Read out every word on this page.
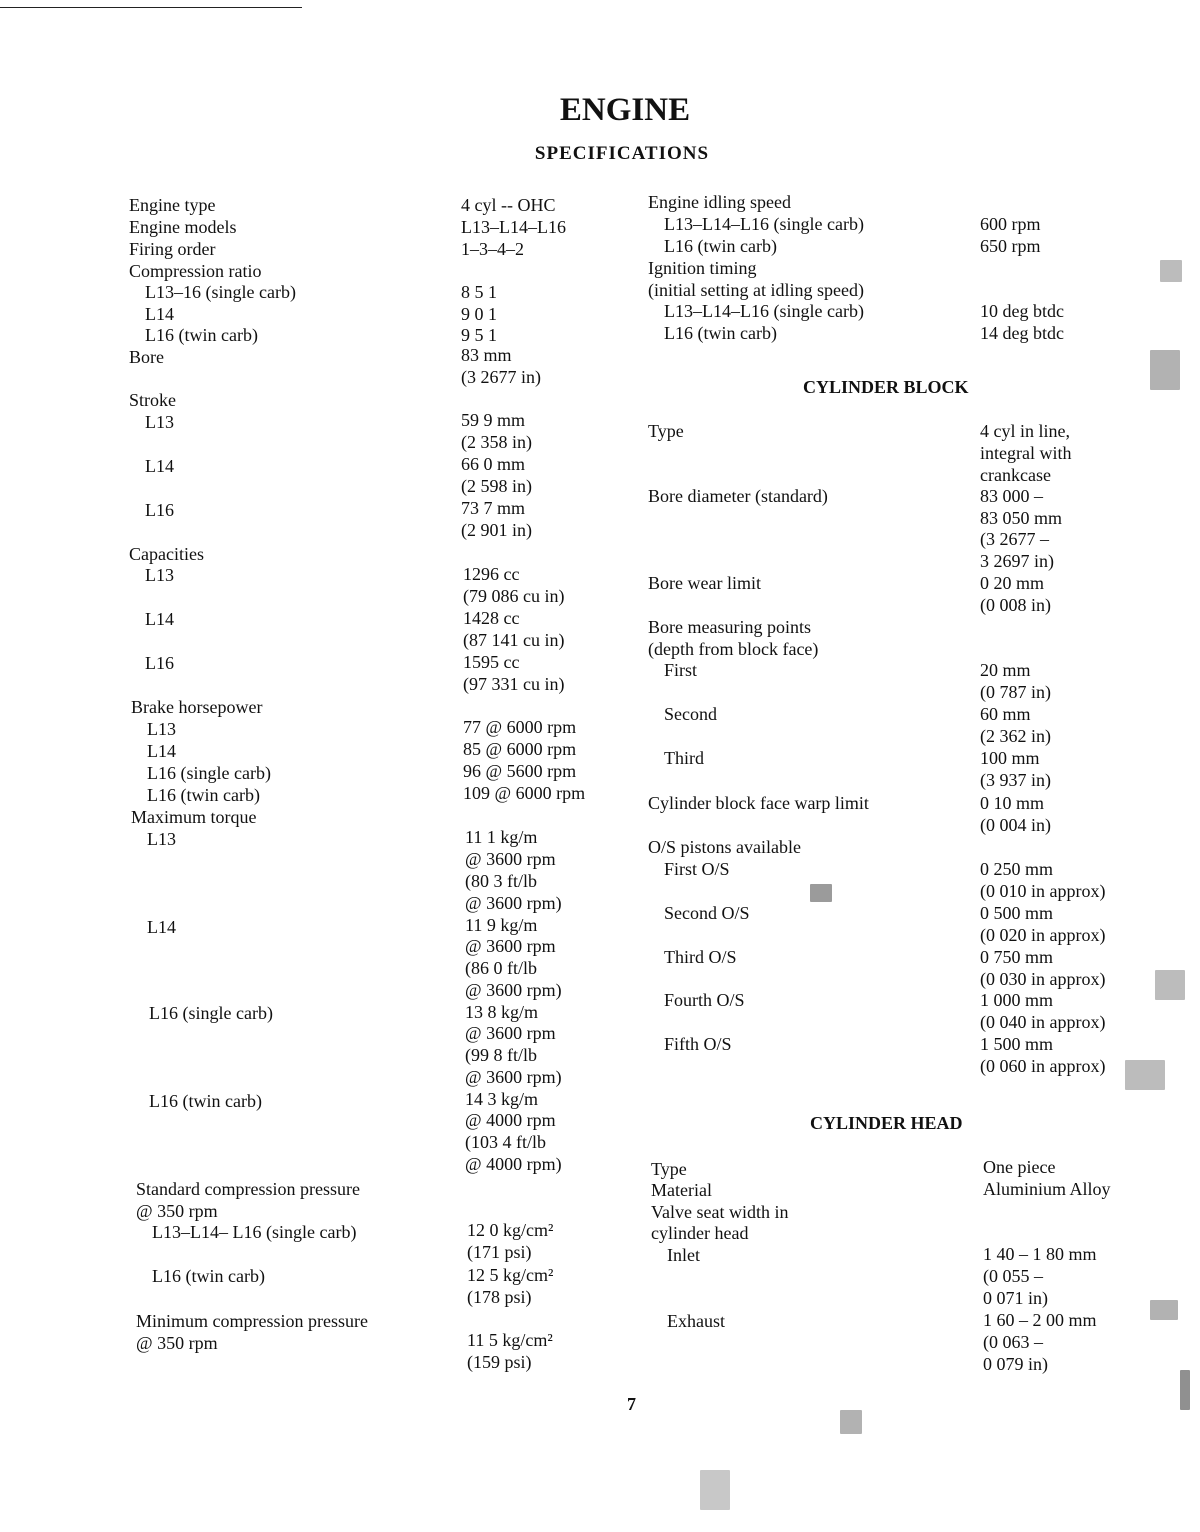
ENGINE
SPECIFICATIONS
Engine type
Engine models
Firing order
Compression ratio
L13–16 (single carb)
L14
L16 (twin carb)
Bore
Stroke
L13
L14
L16
Capacities
L13
L14
L16
Brake horsepower
L13
L14
L16 (single carb)
L16 (twin carb)
Maximum torque
L13
L14
L16 (single carb)
L16 (twin carb)
Standard compression pressure
@ 350 rpm
L13–L14– L16 (single carb)
L16 (twin carb)
Minimum compression pressure
@ 350 rpm
4 cyl -- OHC
L13–L14–L16
1–3–4–2
8 5 1
9 0 1
9 5 1
83 mm
(3 2677 in)
59 9 mm
(2 358 in)
66 0 mm
(2 598 in)
73 7 mm
(2 901 in)
1296 cc
(79 086 cu in)
1428 cc
(87 141 cu in)
1595 cc
(97 331 cu in)
77 @ 6000 rpm
85 @ 6000 rpm
96 @ 5600 rpm
109 @ 6000 rpm
11 1 kg/m
@ 3600 rpm
(80 3 ft/lb
@ 3600 rpm)
11 9 kg/m
@ 3600 rpm
(86 0 ft/lb
@ 3600 rpm)
13 8 kg/m
@ 3600 rpm
(99 8 ft/lb
@ 3600 rpm)
14 3 kg/m
@ 4000 rpm
(103 4 ft/lb
@ 4000 rpm)
12 0 kg/cm²
(171 psi)
12 5 kg/cm²
(178 psi)
11 5 kg/cm²
(159 psi)
Engine idling speed
L13–L14–L16 (single carb)
L16 (twin carb)
Ignition timing
(initial setting at idling speed)
L13–L14–L16 (single carb)
L16 (twin carb)
CYLINDER BLOCK
Type
Bore diameter (standard)
Bore wear limit
Bore measuring points
(depth from block face)
First
Second
Third
Cylinder block face warp limit
O/S pistons available
First O/S
Second O/S
Third O/S
Fourth O/S
Fifth O/S
CYLINDER HEAD
Type
Material
Valve seat width in
cylinder head
Inlet
Exhaust
600 rpm
650 rpm
10 deg btdc
14 deg btdc
4 cyl in line,
integral with
crankcase
83 000 –
83 050 mm
(3 2677 –
3 2697 in)
0 20 mm
(0 008 in)
20 mm
(0 787 in)
60 mm
(2 362 in)
100 mm
(3 937 in)
0 10 mm
(0 004 in)
0 250 mm
(0 010 in approx)
0 500 mm
(0 020 in approx)
0 750 mm
(0 030 in approx)
1 000 mm
(0 040 in approx)
1 500 mm
(0 060 in approx)
One piece
Aluminium Alloy
1 40 – 1 80 mm
(0 055 –
0 071 in)
1 60 – 2 00 mm
(0 063 –
0 079 in)
7
